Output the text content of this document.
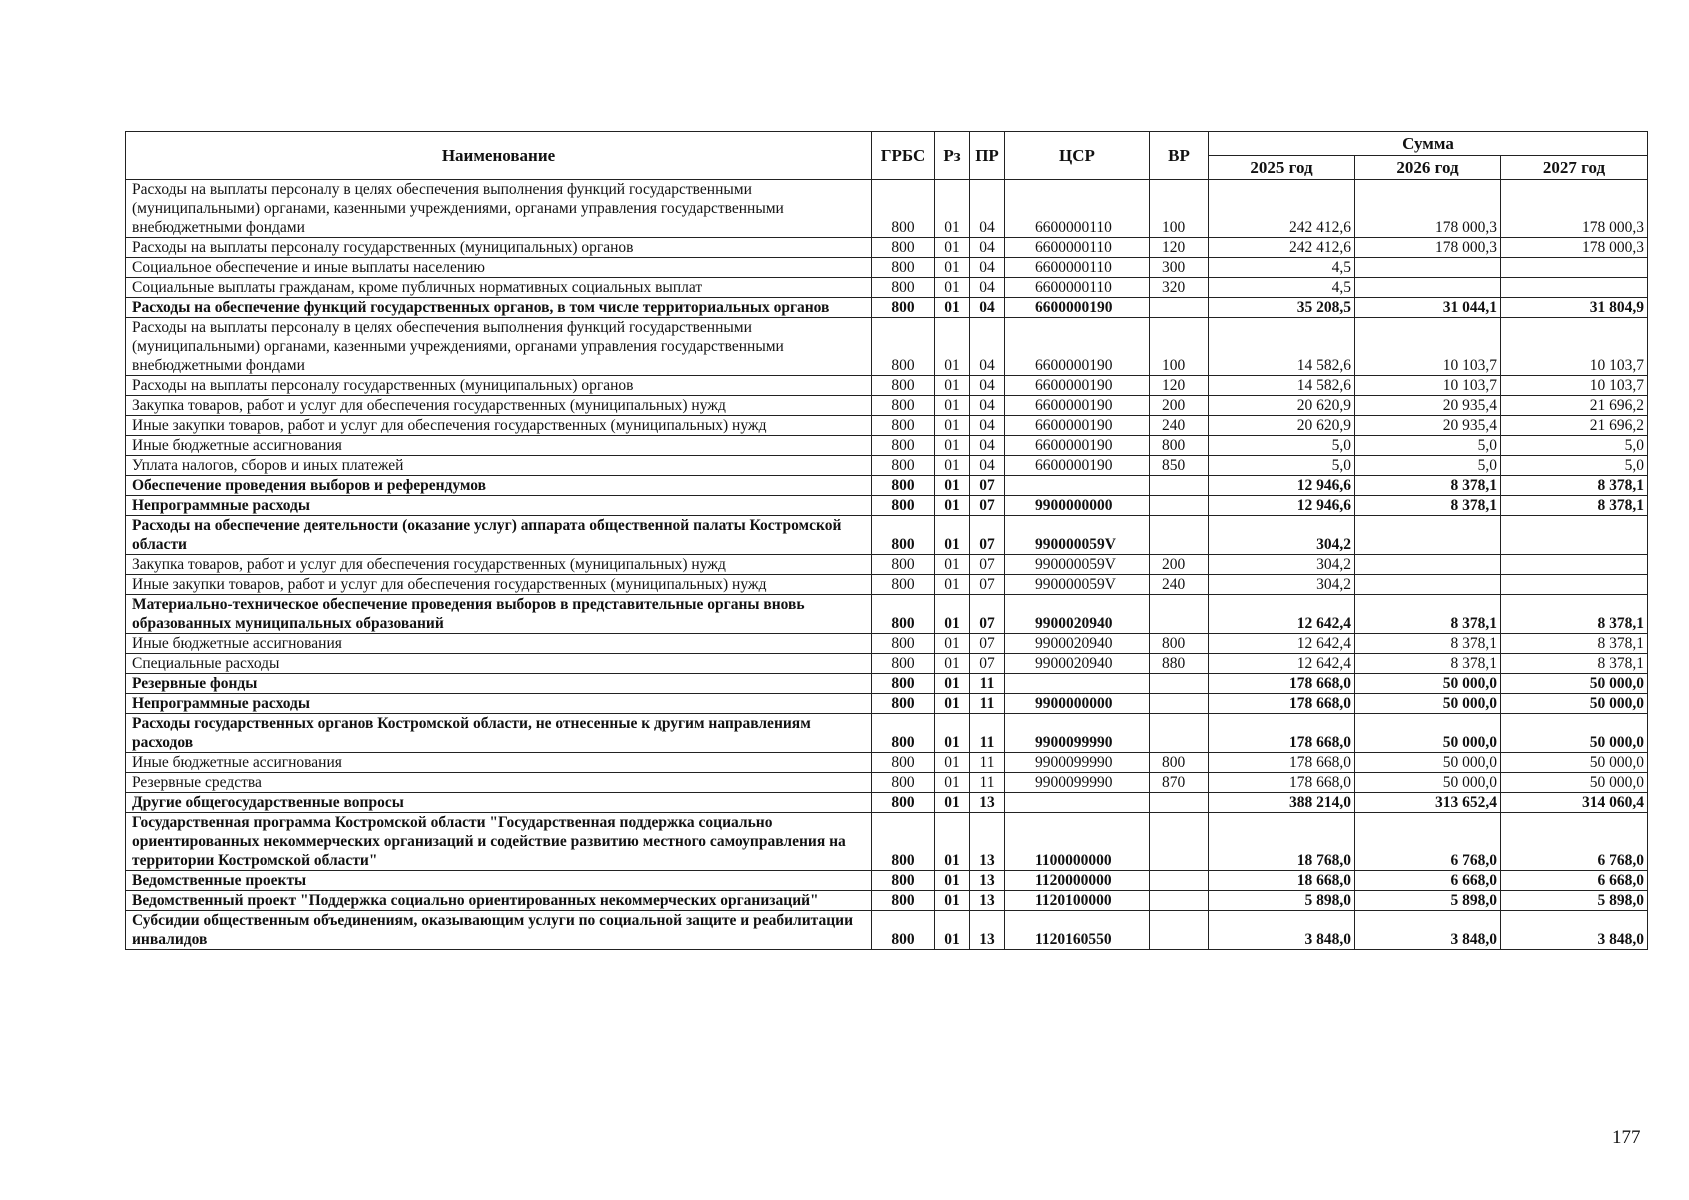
Наименование	ГРБС	Рз	ПР	ЦСР	ВР	Сумма		
						2025 год	2026 год	2027 год
Расходы на выплаты персоналу в целях обеспечения выполнения функций государственными (муниципальными) органами, казенными учреждениями, органами управления государственными внебюджетными фондами	800	01	04	6600000110	100	242 412,6	178 000,3	178 000,3
Расходы на выплаты персоналу государственных (муниципальных) органов	800	01	04	6600000110	120	242 412,6	178 000,3	178 000,3
Социальное обеспечение и иные выплаты населению	800	01	04	6600000110	300	4,5		
Социальные выплаты гражданам, кроме публичных нормативных социальных выплат	800	01	04	6600000110	320	4,5		
Расходы на обеспечение функций государственных органов, в том числе территориальных органов	800	01	04	6600000190		35 208,5	31 044,1	31 804,9
Расходы на выплаты персоналу в целях обеспечения выполнения функций государственными (муниципальными) органами, казенными учреждениями, органами управления государственными внебюджетными фондами	800	01	04	6600000190	100	14 582,6	10 103,7	10 103,7
Расходы на выплаты персоналу государственных (муниципальных) органов	800	01	04	6600000190	120	14 582,6	10 103,7	10 103,7
Закупка товаров, работ и услуг для обеспечения государственных (муниципальных) нужд	800	01	04	6600000190	200	20 620,9	20 935,4	21 696,2
Иные закупки товаров, работ и услуг для обеспечения государственных (муниципальных) нужд	800	01	04	6600000190	240	20 620,9	20 935,4	21 696,2
Иные бюджетные ассигнования	800	01	04	6600000190	800	5,0	5,0	5,0
Уплата налогов, сборов и иных платежей	800	01	04	6600000190	850	5,0	5,0	5,0
Обеспечение проведения выборов и референдумов	800	01	07			12 946,6	8 378,1	8 378,1
Непрограммные расходы	800	01	07	9900000000		12 946,6	8 378,1	8 378,1
Расходы на обеспечение деятельности (оказание услуг) аппарата общественной палаты Костромской области	800	01	07	990000059V		304,2		
Закупка товаров, работ и услуг для обеспечения государственных (муниципальных) нужд	800	01	07	990000059V	200	304,2		
Иные закупки товаров, работ и услуг для обеспечения государственных (муниципальных) нужд	800	01	07	990000059V	240	304,2		
Материально-техническое обеспечение проведения выборов в представительные органы вновь образованных муниципальных образований	800	01	07	9900020940		12 642,4	8 378,1	8 378,1
Иные бюджетные ассигнования	800	01	07	9900020940	800	12 642,4	8 378,1	8 378,1
Специальные расходы	800	01	07	9900020940	880	12 642,4	8 378,1	8 378,1
Резервные фонды	800	01	11			178 668,0	50 000,0	50 000,0
Непрограммные расходы	800	01	11	9900000000		178 668,0	50 000,0	50 000,0
Расходы государственных органов Костромской области, не отнесенные к другим направлениям расходов	800	01	11	9900099990		178 668,0	50 000,0	50 000,0
Иные бюджетные ассигнования	800	01	11	9900099990	800	178 668,0	50 000,0	50 000,0
Резервные средства	800	01	11	9900099990	870	178 668,0	50 000,0	50 000,0
Другие общегосударственные вопросы	800	01	13			388 214,0	313 652,4	314 060,4
Государственная программа Костромской области "Государственная поддержка социально ориентированных некоммерческих организаций и содействие развитию местного самоуправления на территории Костромской области"	800	01	13	1100000000		18 768,0	6 768,0	6 768,0
Ведомственные проекты	800	01	13	1120000000		18 668,0	6 668,0	6 668,0
Ведомственный проект "Поддержка социально ориентированных некоммерческих организаций"	800	01	13	1120100000		5 898,0	5 898,0	5 898,0
Субсидии общественным объединениям, оказывающим услуги по социальной защите и реабилитации инвалидов	800	01	13	1120160550		3 848,0	3 848,0	3 848,0
177
